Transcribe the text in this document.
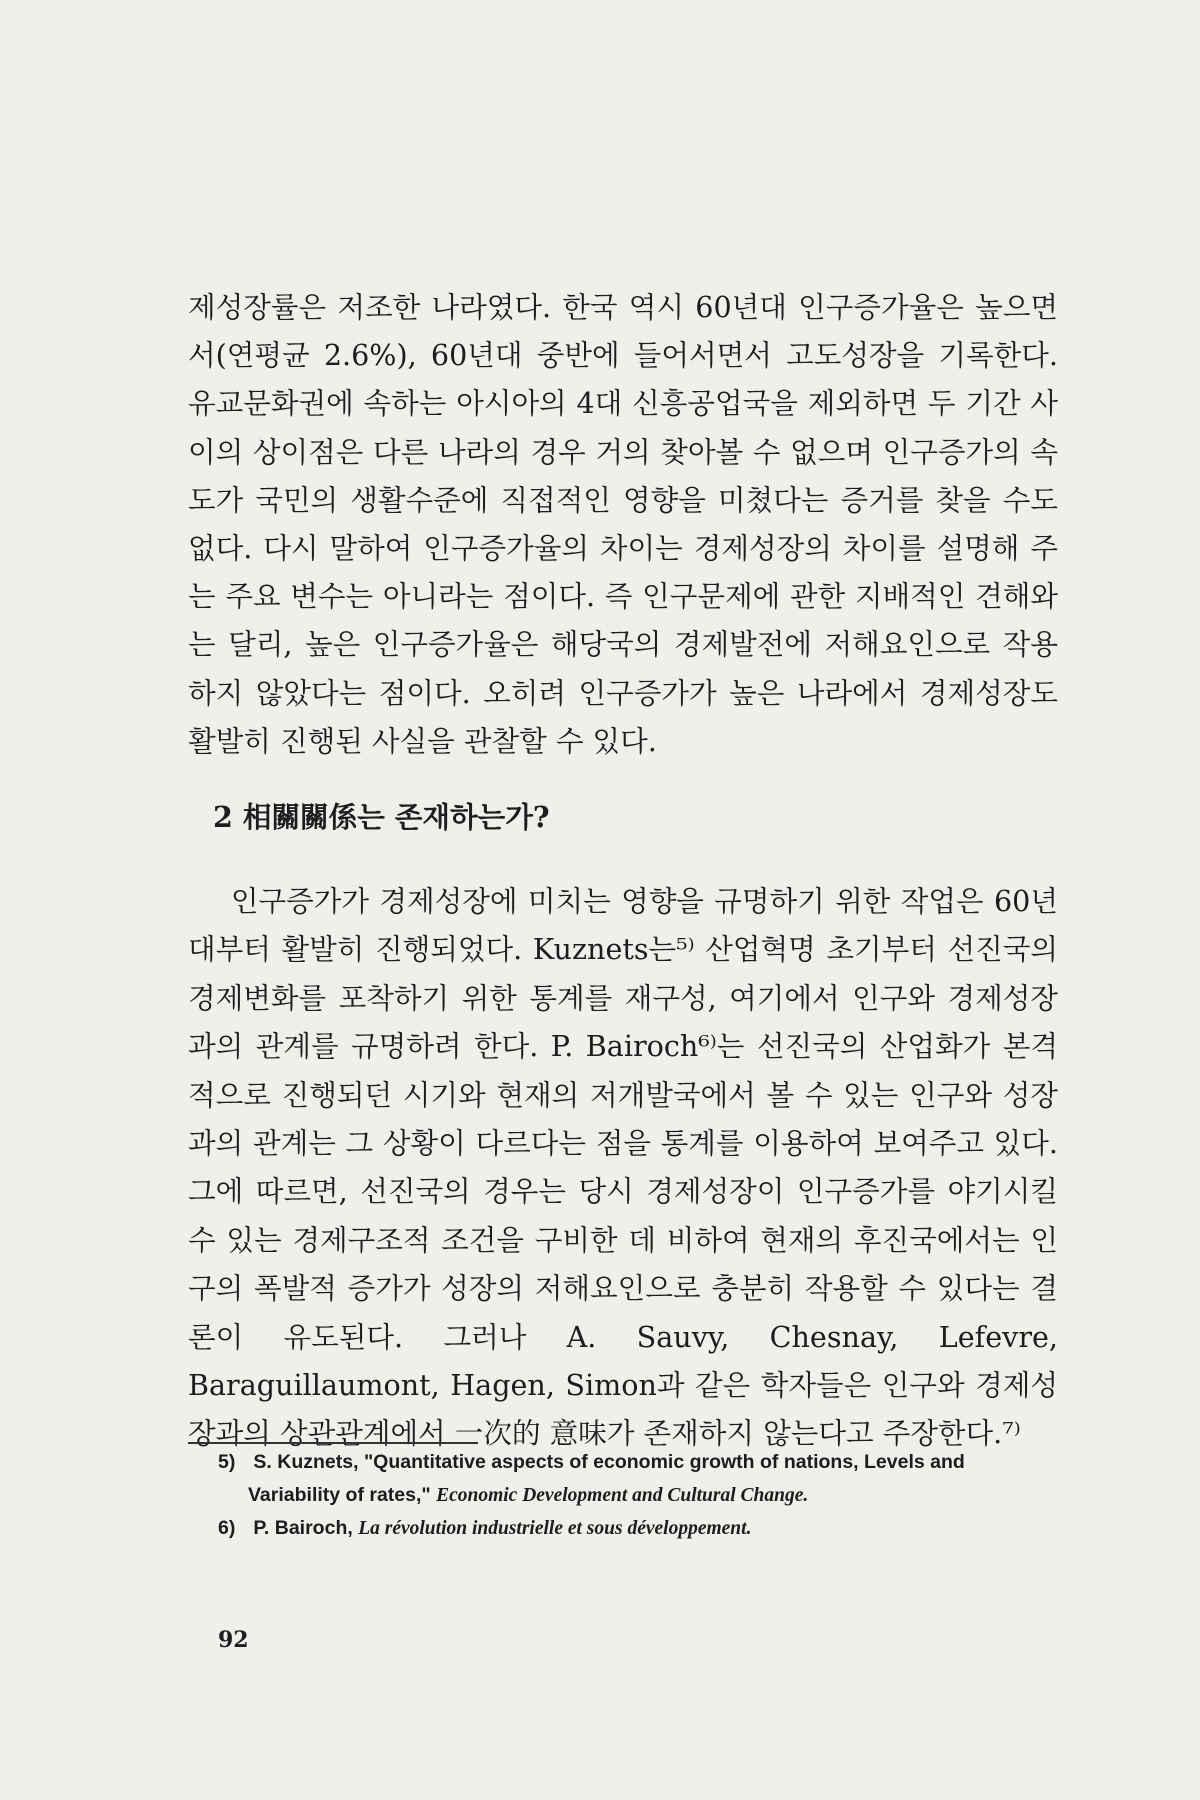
제성장률은 저조한 나라였다. 한국 역시 60년대 인구증가율은 높으면서(연평균 2.6%), 60년대 중반에 들어서면서 고도성장을 기록한다. 유교문화권에 속하는 아시아의 4대 신흥공업국을 제외하면 두 기간 사이의 상이점은 다른 나라의 경우 거의 찾아볼 수 없으며 인구증가의 속도가 국민의 생활수준에 직접적인 영향을 미쳤다는 증거를 찾을 수도 없다. 다시 말하여 인구증가율의 차이는 경제성장의 차이를 설명해 주는 주요 변수는 아니라는 점이다. 즉 인구문제에 관한 지배적인 견해와는 달리, 높은 인구증가율은 해당국의 경제발전에 저해요인으로 작용하지 않았다는 점이다. 오히려 인구증가가 높은 나라에서 경제성장도 활발히 진행된 사실을 관찰할 수 있다.

2 相關關係는 존재하는가?

인구증가가 경제성장에 미치는 영향을 규명하기 위한 작업은 60년대부터 활발히 진행되었다. Kuznets는⁵⁾ 산업혁명 초기부터 선진국의 경제변화를 포착하기 위한 통계를 재구성, 여기에서 인구와 경제성장과의 관계를 규명하려 한다. P. Bairoch⁶⁾는 선진국의 산업화가 본격적으로 진행되던 시기와 현재의 저개발국에서 볼 수 있는 인구와 성장과의 관계는 그 상황이 다르다는 점을 통계를 이용하여 보여주고 있다. 그에 따르면, 선진국의 경우는 당시 경제성장이 인구증가를 야기시킬 수 있는 경제구조적 조건을 구비한 데 비하여 현재의 후진국에서는 인구의 폭발적 증가가 성장의 저해요인으로 충분히 작용할 수 있다는 결론이 유도된다. 그러나 A. Sauvy, Chesnay, Lefevre, Baraguillaumont, Hagen, Simon과 같은 학자들은 인구와 경제성장과의 상관관계에서 一次的 意味가 존재하지 않는다고 주장한다.⁷⁾

5) S. Kuznets, "Quantitative aspects of economic growth of nations, Levels and Variability of rates," Economic Development and Cultural Change.

6) P. Bairoch, La révolution industrielle et sous développement.

92
